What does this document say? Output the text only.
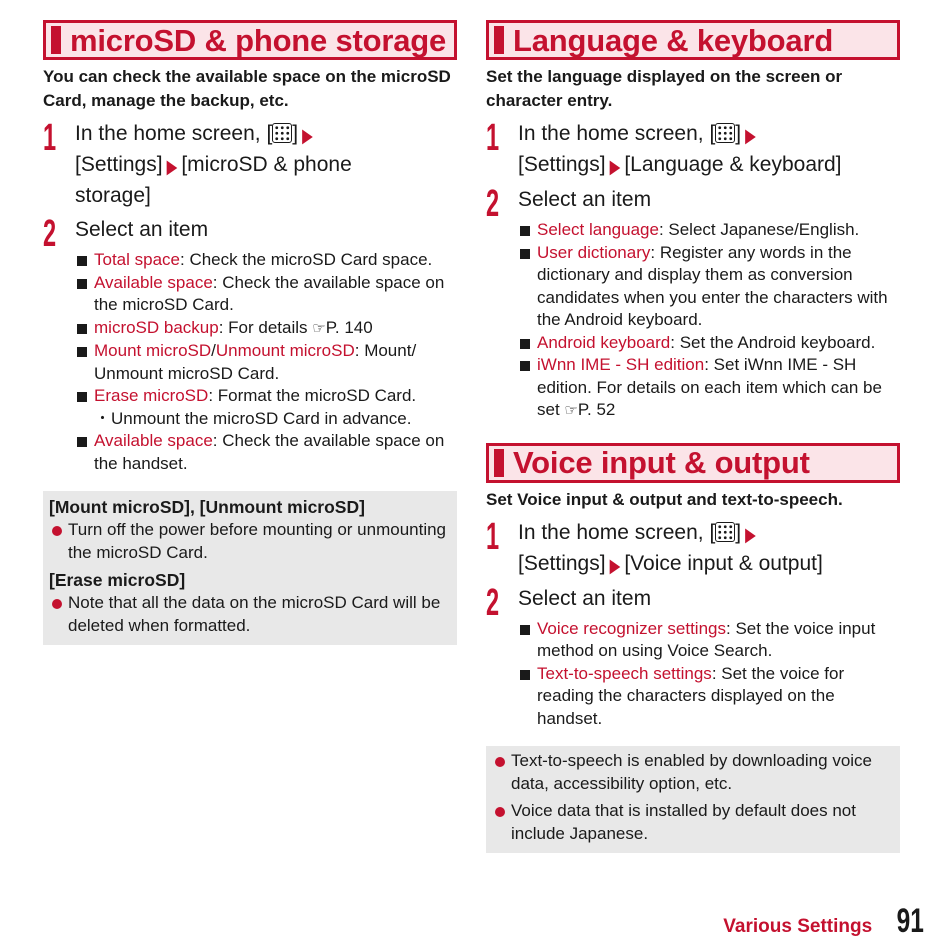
microSD & phone storage

You can check the available space on the microSD Card, manage the backup, etc.

1 In the home screen, [ ] ▶
[Settings] ▶ [microSD & phone
storage]
2 Select an item
Total space: Check the microSD Card space.
Available space: Check the available space on the microSD Card.
microSD backup: For details ☞P. 140
Mount microSD/Unmount microSD: Mount/ Unmount microSD Card.
Erase microSD: Format the microSD Card.
・Unmount the microSD Card in advance.
Available space: Check the available space on the handset.
[Mount microSD], [Unmount microSD]
Turn off the power before mounting or unmounting the microSD Card.
[Erase microSD]
Note that all the data on the microSD Card will be deleted when formatted.
Language & keyboard

Set the language displayed on the screen or character entry.

1 In the home screen, [ ] ▶
[Settings] ▶ [Language & keyboard]
2 Select an item
Select language: Select Japanese/English.
User dictionary: Register any words in the dictionary and display them as conversion candidates when you enter the characters with the Android keyboard.
Android keyboard: Set the Android keyboard.
iWnn IME - SH edition: Set iWnn IME - SH edition. For details on each item which can be set ☞P. 52
Voice input & output

Set Voice input & output and text-to-speech.

1 In the home screen, [ ] ▶
[Settings] ▶ [Voice input & output]
2 Select an item
Voice recognizer settings: Set the voice input method on using Voice Search.
Text-to-speech settings: Set the voice for reading the characters displayed on the handset.
Text-to-speech is enabled by downloading voice data, accessibility option, etc.
Voice data that is installed by default does not include Japanese.
Various Settings 91
